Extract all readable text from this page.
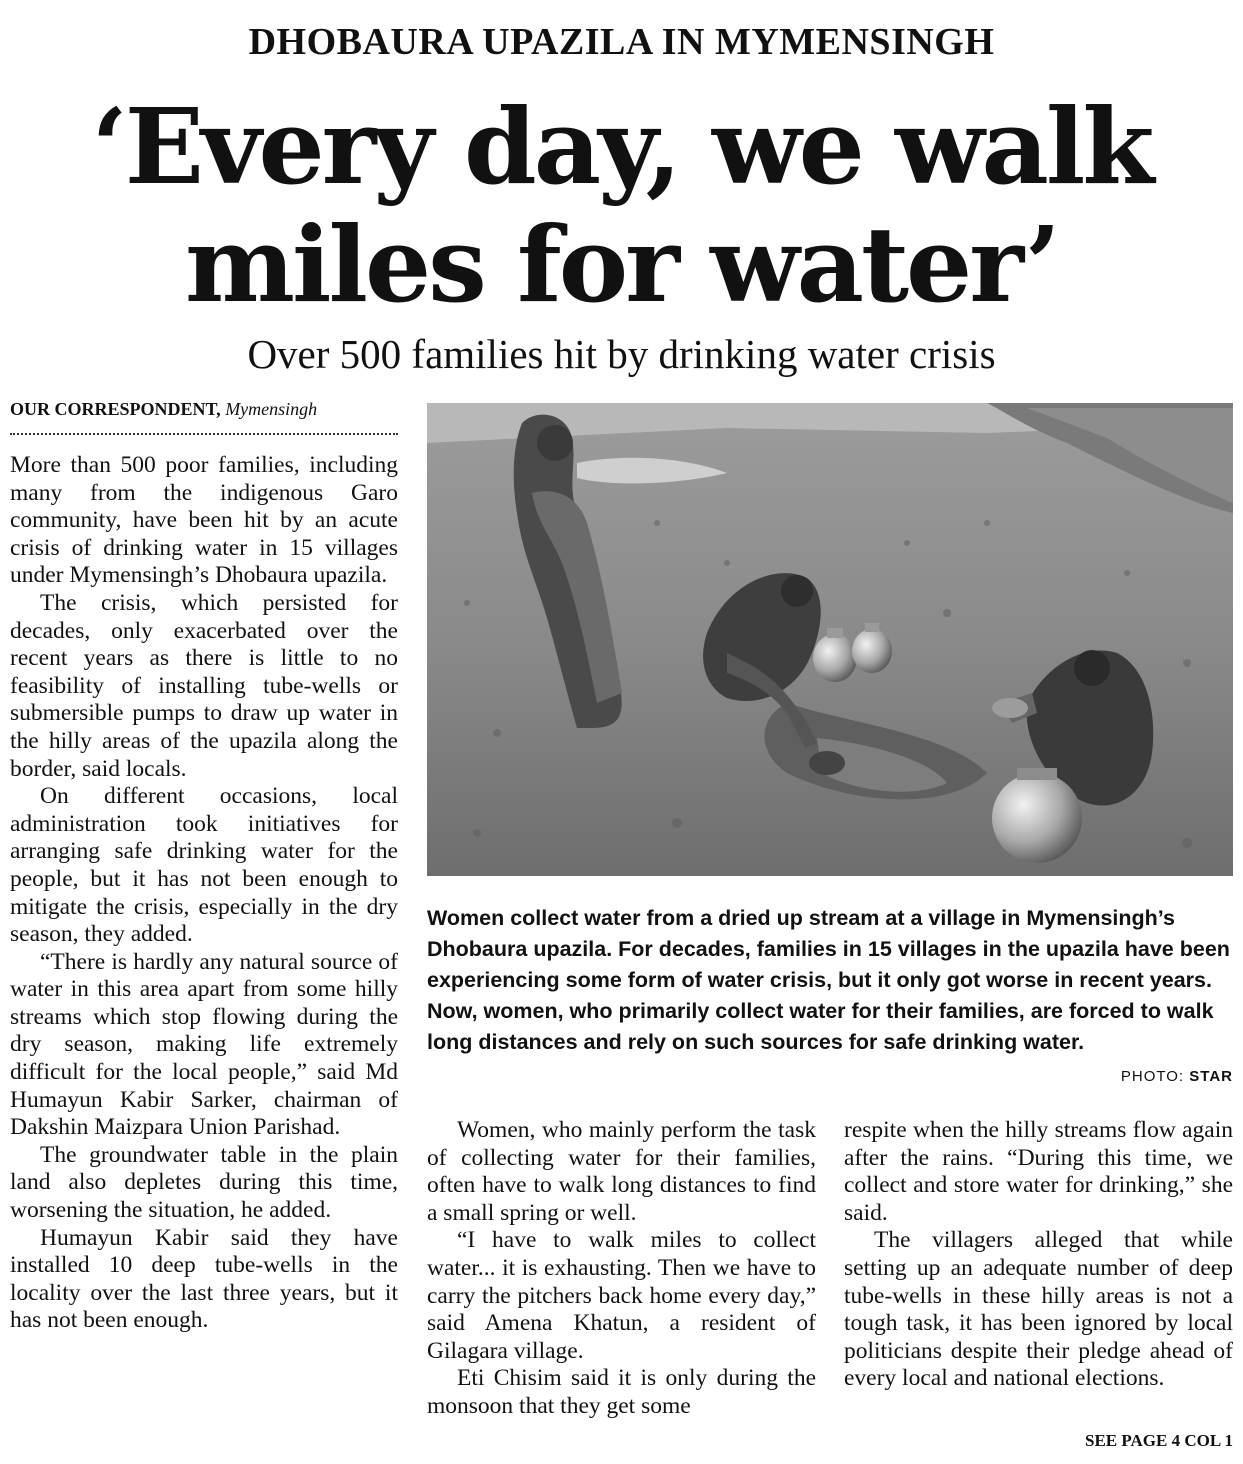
DHOBAURA UPAZILA IN MYMENSINGH
‘Every day, we walk
miles for water’
Over 500 families hit by drinking water crisis
OUR CORRESPONDENT, Mymensingh

More than 500 poor families, including many from the indigenous Garo community, have been hit by an acute crisis of drinking water in 15 villages under Mymensingh’s Dhobaura upazila.

The crisis, which persisted for decades, only exacerbated over the recent years as there is little to no feasibility of installing tube-wells or submersible pumps to draw up water in the hilly areas of the upazila along the border, said locals.

On different occasions, local administration took initiatives for arranging safe drinking water for the people, but it has not been enough to mitigate the crisis, especially in the dry season, they added.

“There is hardly any natural source of water in this area apart from some hilly streams which stop flowing during the dry season, making life extremely difficult for the local people,” said Md Humayun Kabir Sarker, chairman of Dakshin Maizpara Union Parishad.

The groundwater table in the plain land also depletes during this time, worsening the situation, he added.

Humayun Kabir said they have installed 10 deep tube-wells in the locality over the last three years, but it has not been enough.

Women collect water from a dried up stream at a village in Mymensingh’s Dhobaura upazila. For decades, families in 15 villages in the upazila have been experiencing some form of water crisis, but it only got worse in recent years. Now, women, who primarily collect water for their families, are forced to walk long distances and rely on such sources for safe drinking water.
PHOTO: STAR

Women, who mainly perform the task of collecting water for their families, often have to walk long distances to find a small spring or well.

“I have to walk miles to collect water... it is exhausting. Then we have to carry the pitchers back home every day,” said Amena Khatun, a resident of Gilagara village.

Eti Chisim said it is only during the monsoon that they get some

respite when the hilly streams flow again after the rains. “During this time, we collect and store water for drinking,” she said.

The villagers alleged that while setting up an adequate number of deep tube-wells in these hilly areas is not a tough task, it has been ignored by local politicians despite their pledge ahead of every local and national elections.

SEE PAGE 4 COL 1
